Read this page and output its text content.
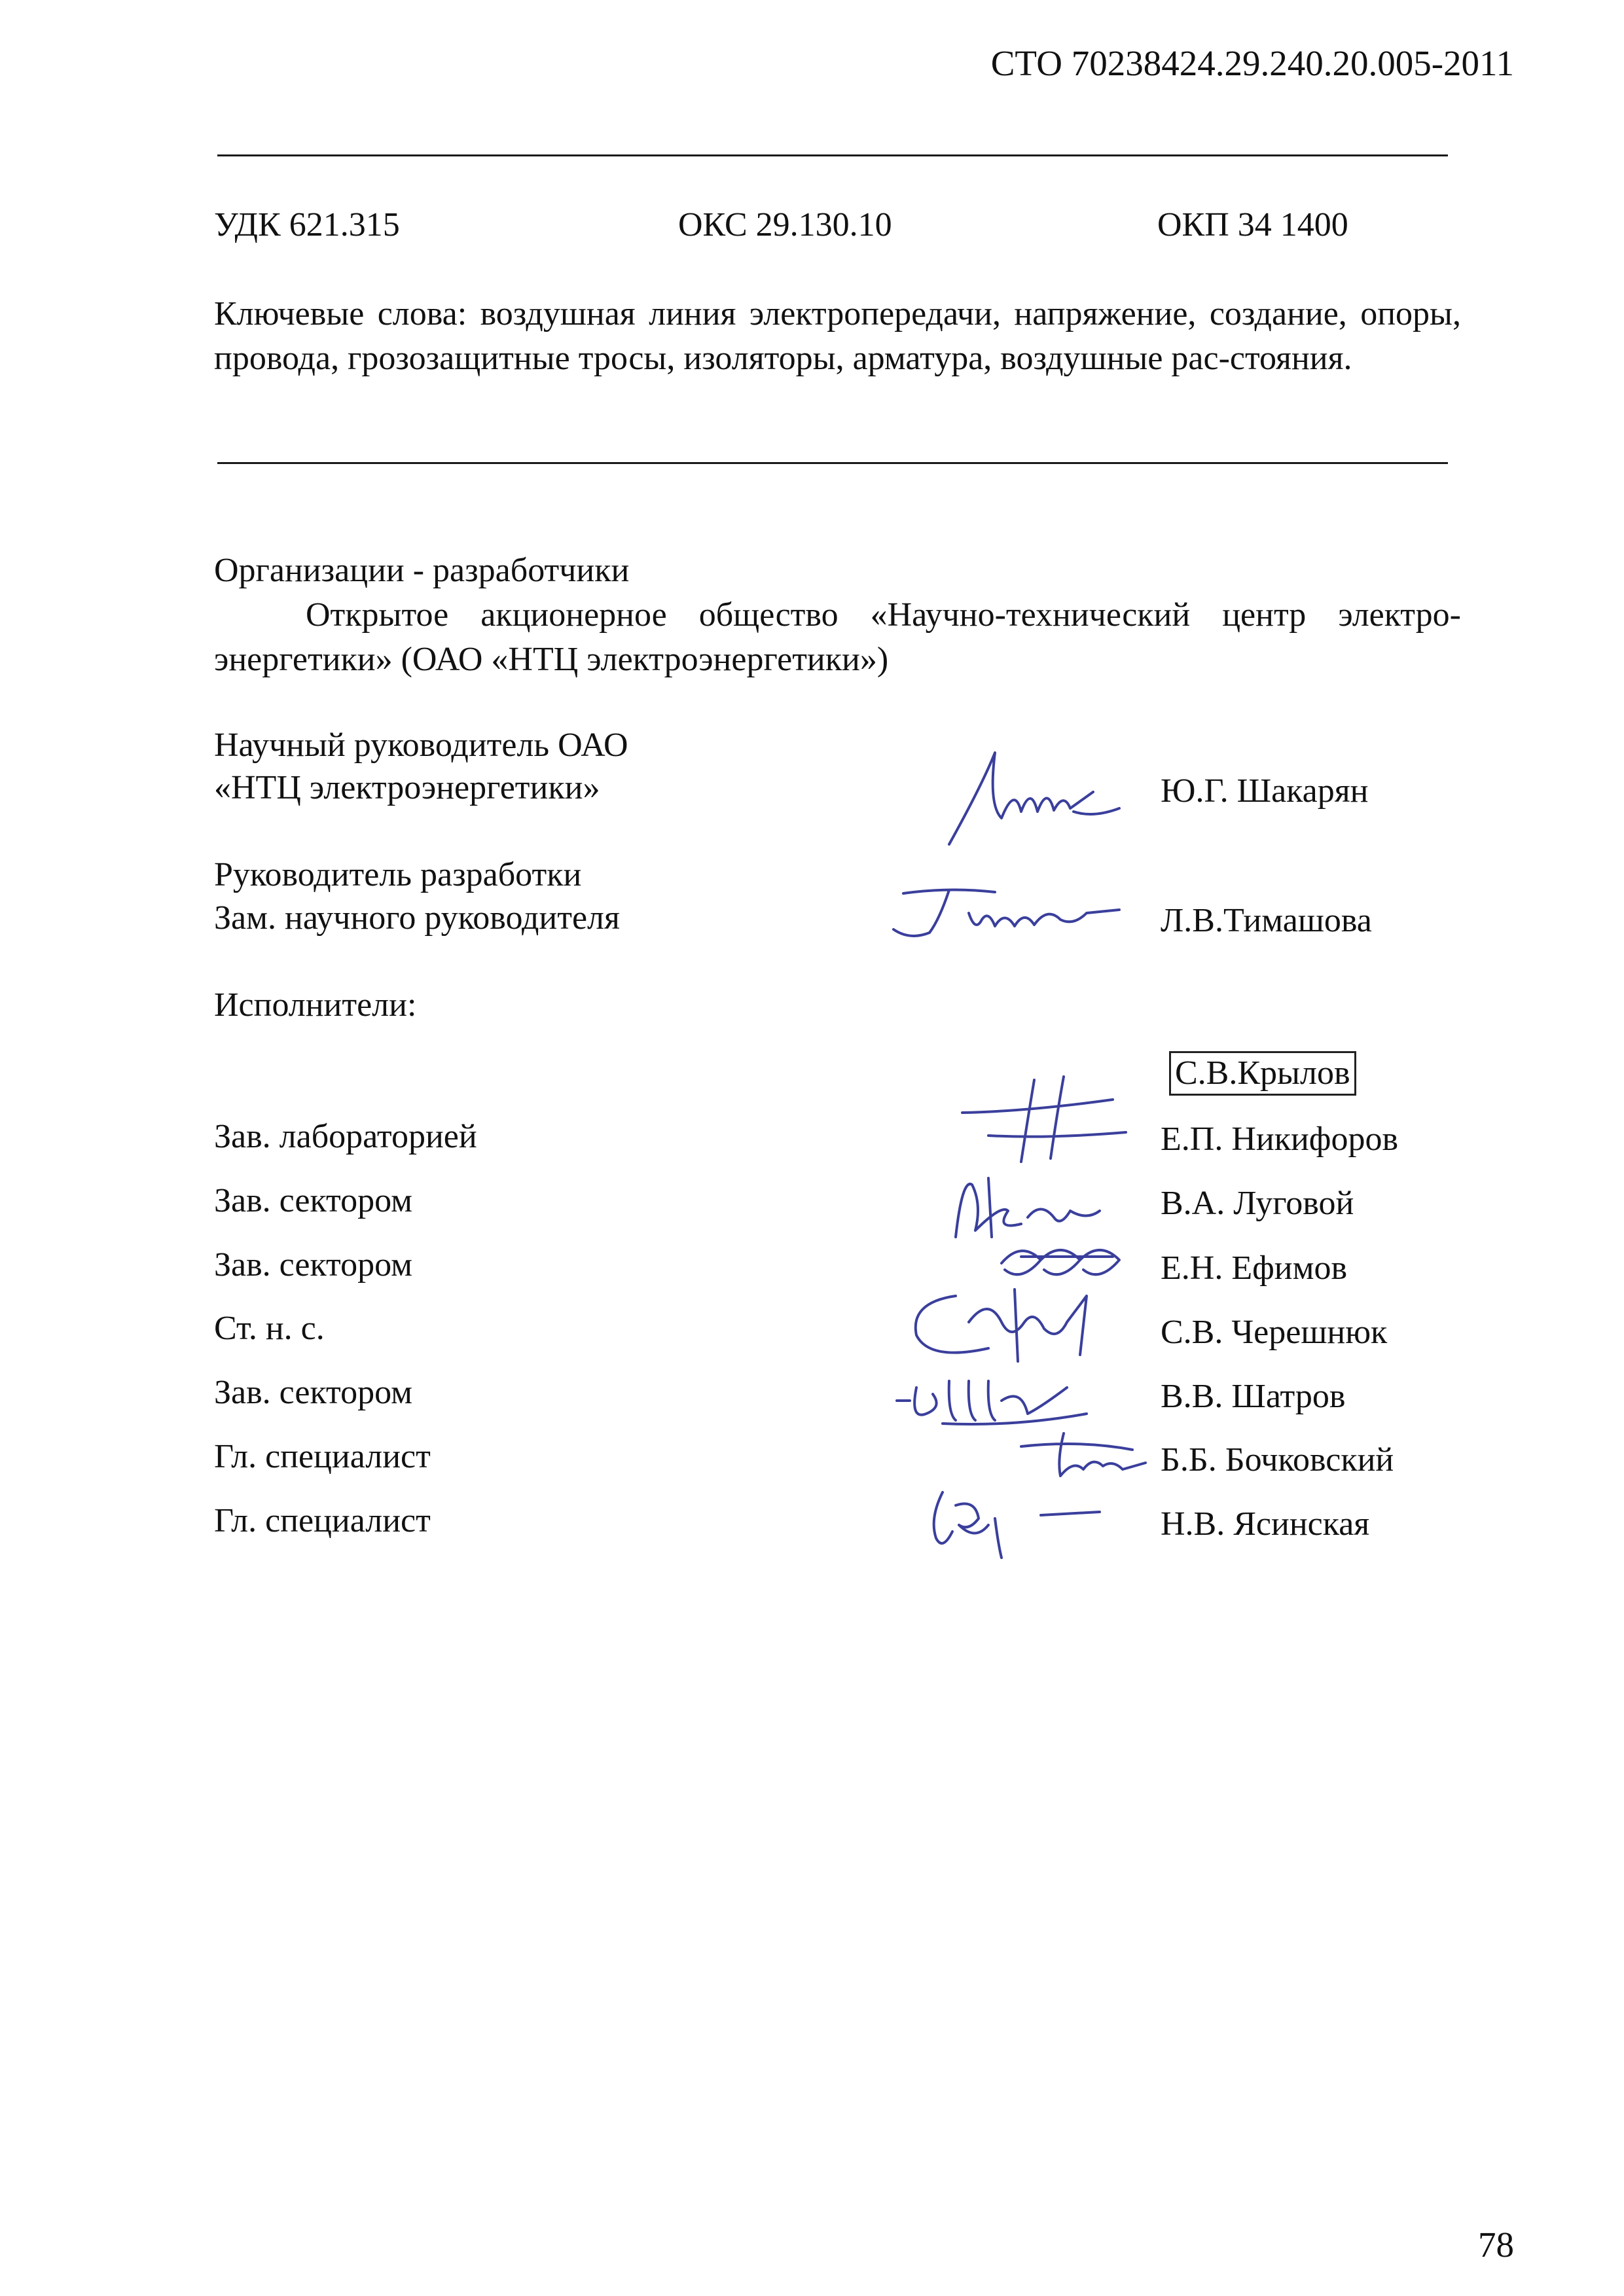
СТО 70238424.29.240.20.005-2011
УДК 621.315	ОКС 29.130.10	ОКП 34 1400
Ключевые слова: воздушная линия электропередачи, напряжение, создание, опоры, провода, грозозащитные тросы, изоляторы, арматура, воздушные рас-стояния.
Организации - разработчики
Открытое акционерное общество «Научно-технический центр электро-энергетики» (ОАО «НТЦ электроэнергетики»)
Научный руководитель ОАО
«НТЦ электроэнергетики»	Ю.Г. Шакарян
Руководитель разработки
Зам. научного руководителя	Л.В.Тимашова
Исполнители:
С.В.Крылов
Зав. лабораторией	Е.П. Никифоров
Зав. сектором	В.А. Луговой
Зав. сектором	Е.Н. Ефимов
Ст. н. с.	С.В. Черешнюк
Зав. сектором	В.В. Шатров
Гл. специалист	Б.Б. Бочковский
Гл. специалист	Н.В. Ясинская
78
